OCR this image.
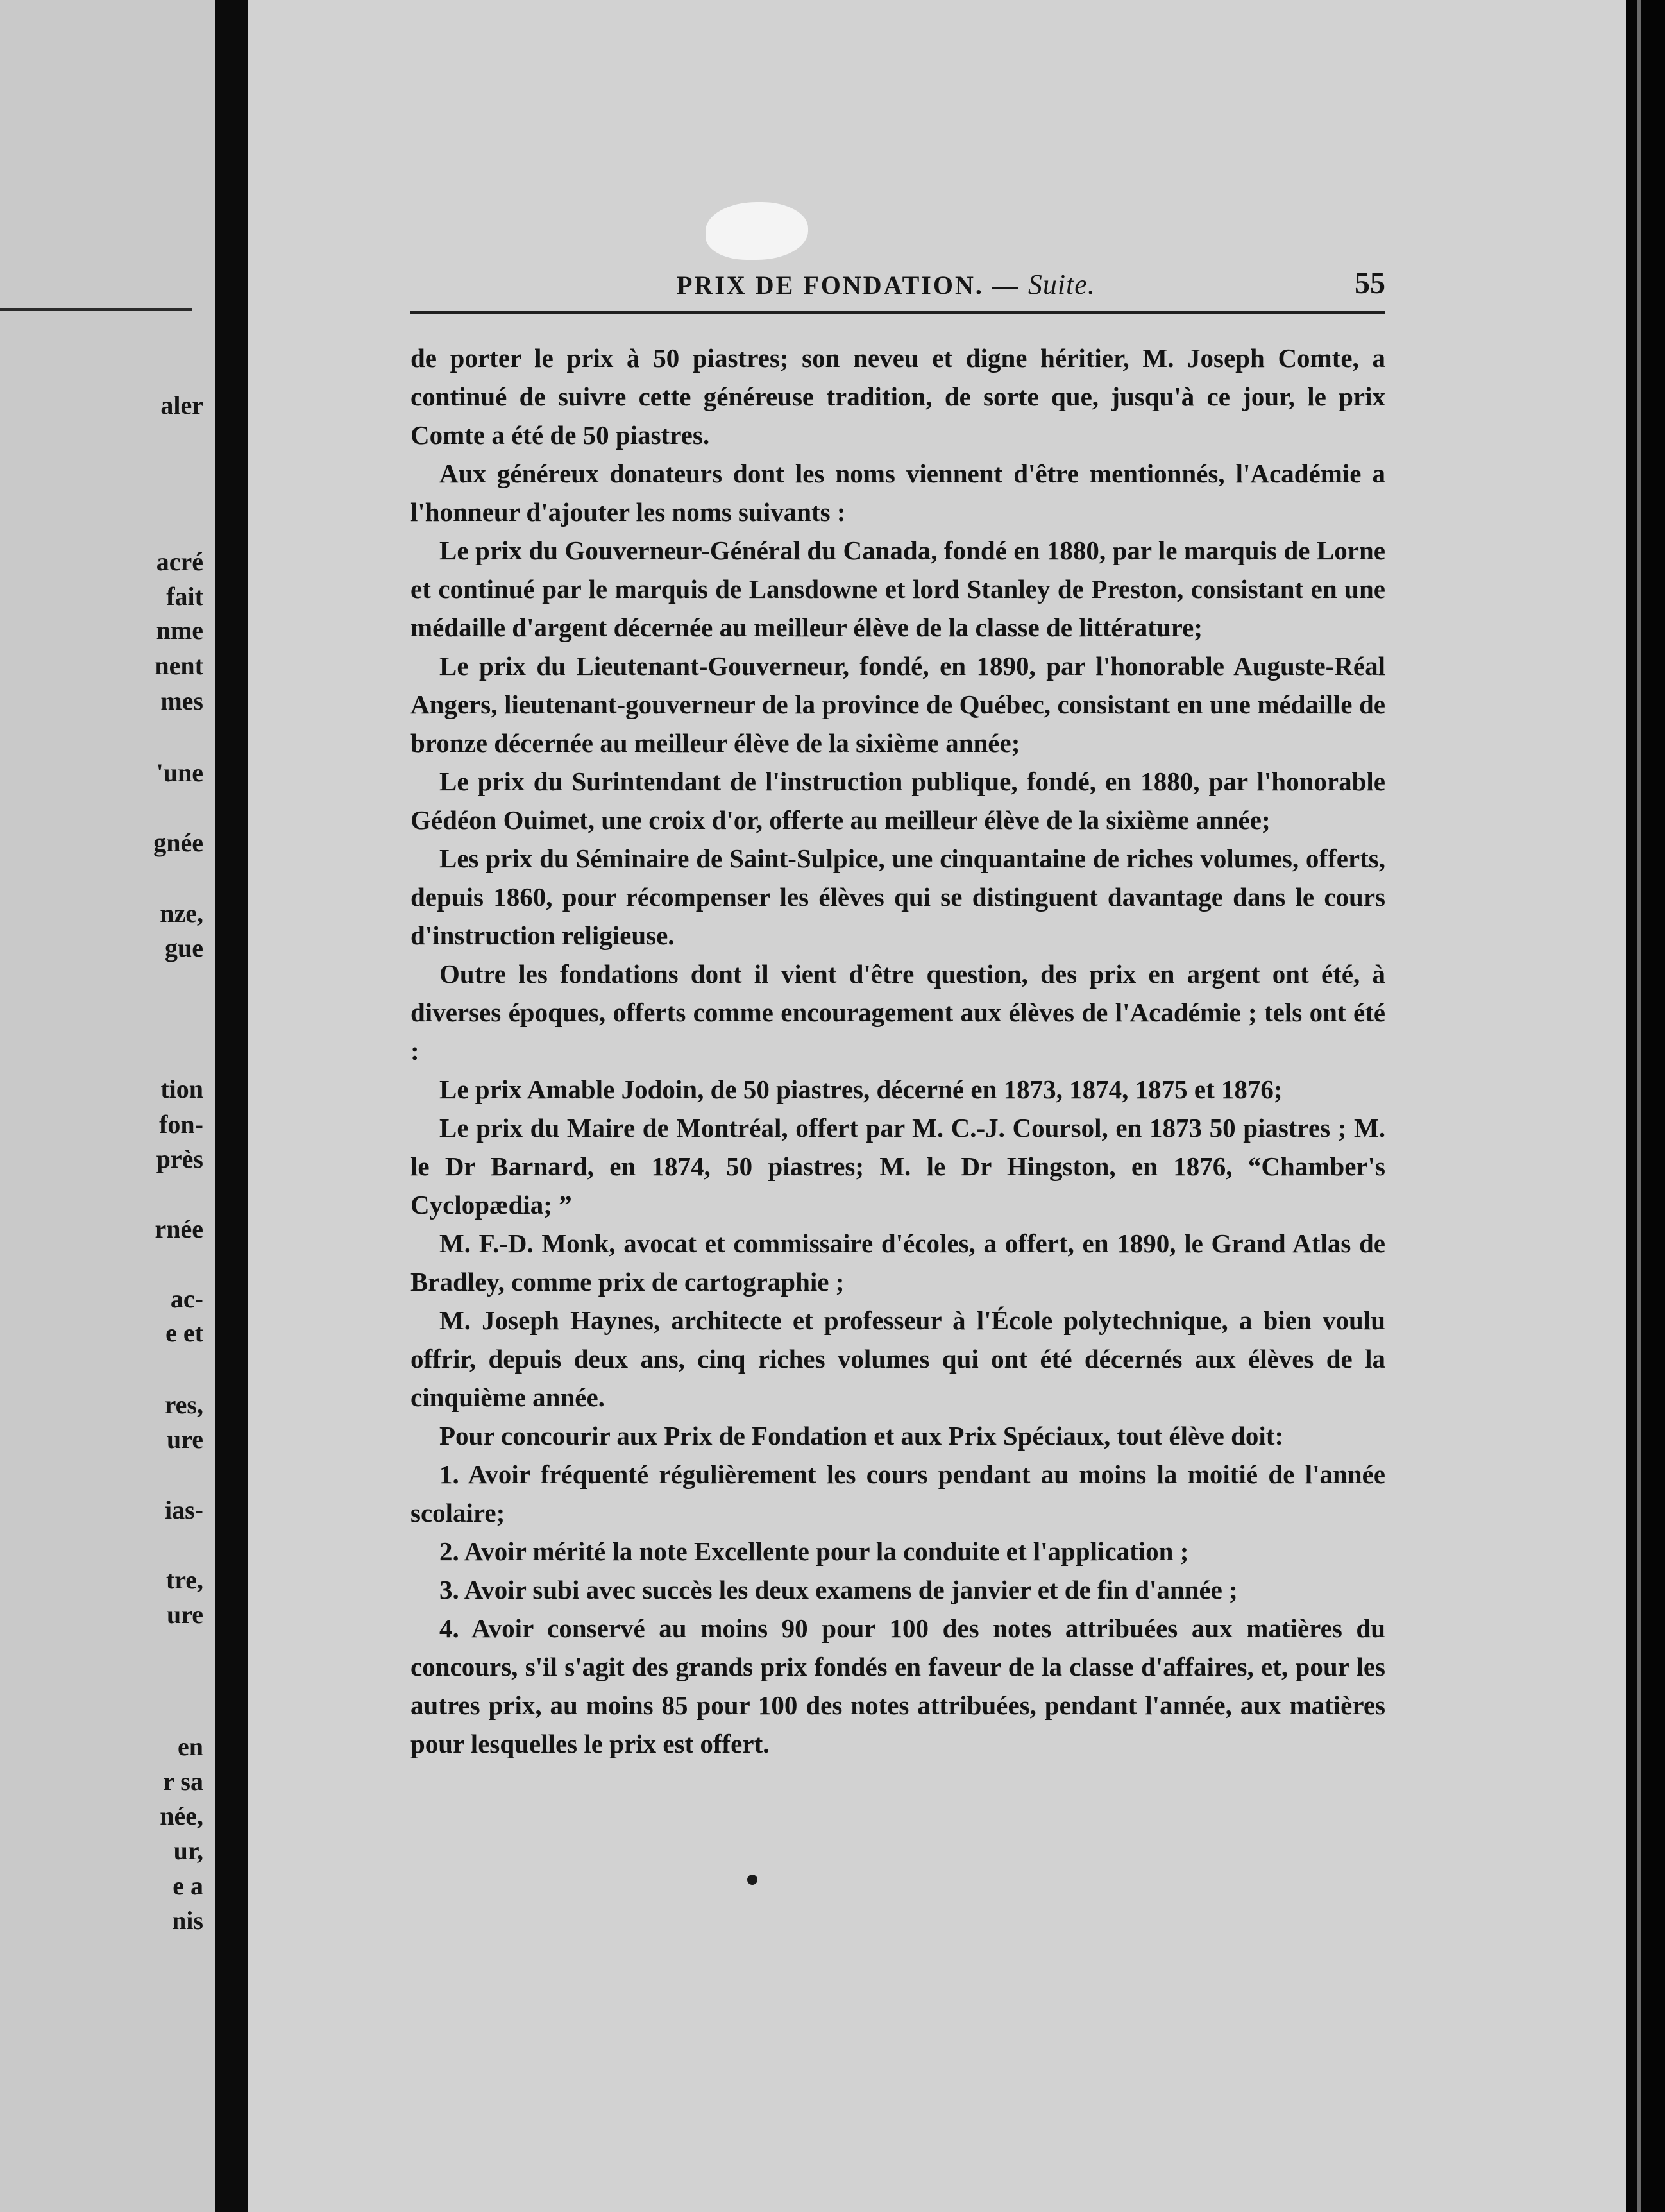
aler
acré
fait
nme
nent
mes
'une
gnée
nze,
gue
tion
fon-
près
rnée
ac-
e et
res,
ure
ias-
tre,
ure
en
r sa
née,
ur,
e a
nis
PRIX DE FONDATION. — Suite.	55

de porter le prix à 50 piastres; son neveu et digne héritier, M. Joseph Comte, a continué de suivre cette généreuse tradition, de sorte que, jusqu'à ce jour, le prix Comte a été de 50 piastres.

Aux généreux donateurs dont les noms viennent d'être mentionnés, l'Académie a l'honneur d'ajouter les noms suivants :

Le prix du Gouverneur-Général du Canada, fondé en 1880, par le marquis de Lorne et continué par le marquis de Lansdowne et lord Stanley de Preston, consistant en une médaille d'argent décernée au meilleur élève de la classe de littérature;

Le prix du Lieutenant-Gouverneur, fondé, en 1890, par l'honorable Auguste-Réal Angers, lieutenant-gouverneur de la province de Québec, consistant en une médaille de bronze décernée au meilleur élève de la sixième année;

Le prix du Surintendant de l'instruction publique, fondé, en 1880, par l'honorable Gédéon Ouimet, une croix d'or, offerte au meilleur élève de la sixième année;

Les prix du Séminaire de Saint-Sulpice, une cinquantaine de riches volumes, offerts, depuis 1860, pour récompenser les élèves qui se distinguent davantage dans le cours d'instruction religieuse.

Outre les fondations dont il vient d'être question, des prix en argent ont été, à diverses époques, offerts comme encouragement aux élèves de l'Académie ; tels ont été :

Le prix Amable Jodoin, de 50 piastres, décerné en 1873, 1874, 1875 et 1876;

Le prix du Maire de Montréal, offert par M. C.-J. Coursol, en 1873 50 piastres ; M. le Dr Barnard, en 1874, 50 piastres; M. le Dr Hingston, en 1876, “Chamber's Cyclopædia; ”

M. F.-D. Monk, avocat et commissaire d'écoles, a offert, en 1890, le Grand Atlas de Bradley, comme prix de cartographie ;

M. Joseph Haynes, architecte et professeur à l'École polytechnique, a bien voulu offrir, depuis deux ans, cinq riches volumes qui ont été décernés aux élèves de la cinquième année.

Pour concourir aux Prix de Fondation et aux Prix Spéciaux, tout élève doit:

1. Avoir fréquenté régulièrement les cours pendant au moins la moitié de l'année scolaire;

2. Avoir mérité la note Excellente pour la conduite et l'application ;

3. Avoir subi avec succès les deux examens de janvier et de fin d'année ;

4. Avoir conservé au moins 90 pour 100 des notes attribuées aux matières du concours, s'il s'agit des grands prix fondés en faveur de la classe d'affaires, et, pour les autres prix, au moins 85 pour 100 des notes attribuées, pendant l'année, aux matières pour lesquelles le prix est offert.
